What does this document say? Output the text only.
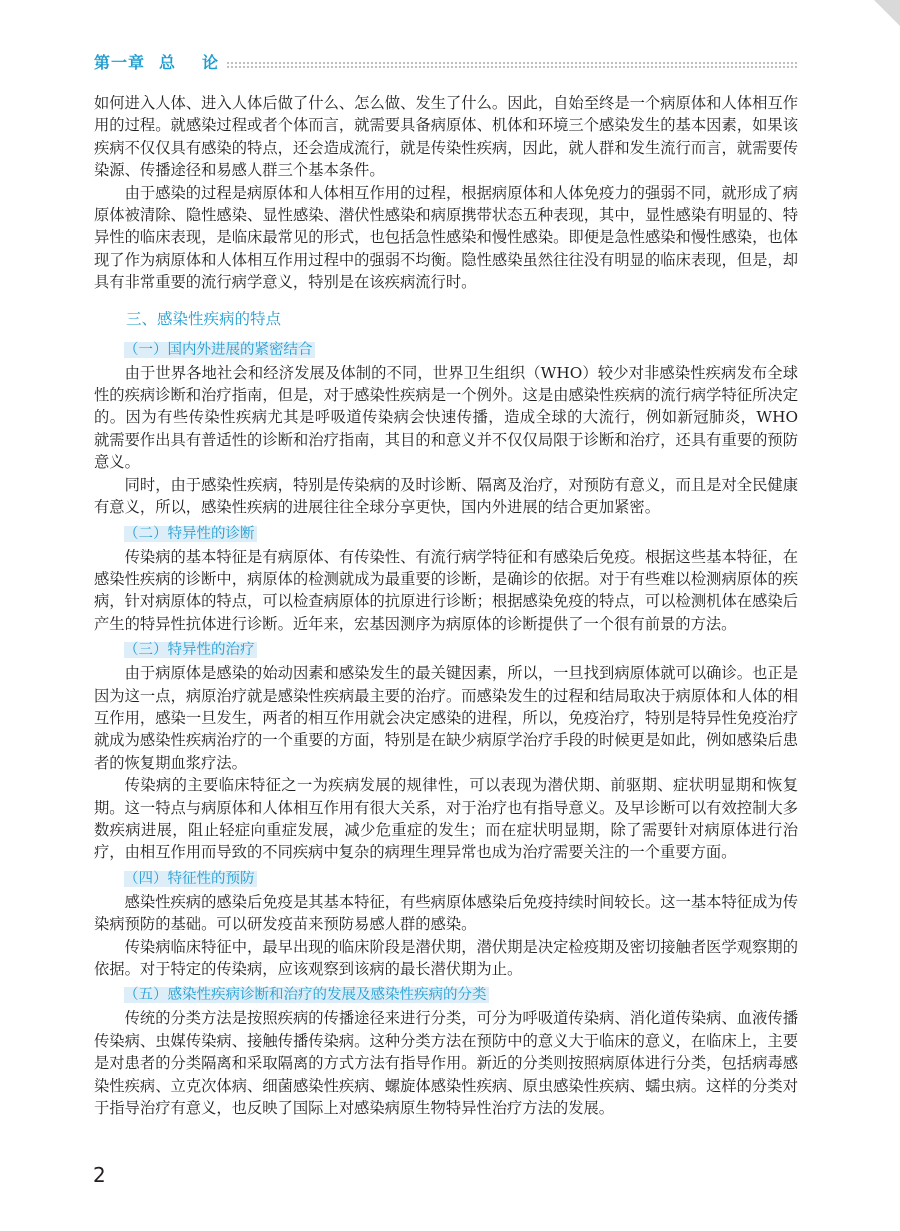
第一章 总 论

如何进入人体、进入人体后做了什么、怎么做、发生了什么。因此，自始至终是一个病原体和人体相互作用的过程。就感染过程或者个体而言，就需要具备病原体、机体和环境三个感染发生的基本因素，如果该疾病不仅仅具有感染的特点，还会造成流行，就是传染性疾病，因此，就人群和发生流行而言，就需要传染源、传播途径和易感人群三个基本条件。

由于感染的过程是病原体和人体相互作用的过程，根据病原体和人体免疫力的强弱不同，就形成了病原体被清除、隐性感染、显性感染、潜伏性感染和病原携带状态五种表现，其中，显性感染有明显的、特异性的临床表现，是临床最常见的形式，也包括急性感染和慢性感染。即便是急性感染和慢性感染，也体现了作为病原体和人体相互作用过程中的强弱不均衡。隐性感染虽然往往没有明显的临床表现，但是，却具有非常重要的流行病学意义，特别是在该疾病流行时。

三、感染性疾病的特点
（一）国内外进展的紧密结合

由于世界各地社会和经济发展及体制的不同，世界卫生组织（WHO）较少对非感染性疾病发布全球性的疾病诊断和治疗指南，但是，对于感染性疾病是一个例外。这是由感染性疾病的流行病学特征所决定的。因为有些传染性疾病尤其是呼吸道传染病会快速传播，造成全球的大流行，例如新冠肺炎，WHO 就需要作出具有普适性的诊断和治疗指南，其目的和意义并不仅仅局限于诊断和治疗，还具有重要的预防意义。

同时，由于感染性疾病，特别是传染病的及时诊断、隔离及治疗，对预防有意义，而且是对全民健康有意义，所以，感染性疾病的进展往往全球分享更快，国内外进展的结合更加紧密。

（二）特异性的诊断

传染病的基本特征是有病原体、有传染性、有流行病学特征和有感染后免疫。根据这些基本特征，在感染性疾病的诊断中，病原体的检测就成为最重要的诊断，是确诊的依据。对于有些难以检测病原体的疾病，针对病原体的特点，可以检查病原体的抗原进行诊断；根据感染免疫的特点，可以检测机体在感染后产生的特异性抗体进行诊断。近年来，宏基因测序为病原体的诊断提供了一个很有前景的方法。

（三）特异性的治疗

由于病原体是感染的始动因素和感染发生的最关键因素，所以，一旦找到病原体就可以确诊。也正是因为这一点，病原治疗就是感染性疾病最主要的治疗。而感染发生的过程和结局取决于病原体和人体的相互作用，感染一旦发生，两者的相互作用就会决定感染的进程，所以，免疫治疗，特别是特异性免疫治疗就成为感染性疾病治疗的一个重要的方面，特别是在缺少病原学治疗手段的时候更是如此，例如感染后患者的恢复期血浆疗法。

传染病的主要临床特征之一为疾病发展的规律性，可以表现为潜伏期、前驱期、症状明显期和恢复期。这一特点与病原体和人体相互作用有很大关系，对于治疗也有指导意义。及早诊断可以有效控制大多数疾病进展，阻止轻症向重症发展，减少危重症的发生；而在症状明显期，除了需要针对病原体进行治疗，由相互作用而导致的不同疾病中复杂的病理生理异常也成为治疗需要关注的一个重要方面。

（四）特征性的预防

感染性疾病的感染后免疫是其基本特征，有些病原体感染后免疫持续时间较长。这一基本特征成为传染病预防的基础。可以研发疫苗来预防易感人群的感染。

传染病临床特征中，最早出现的临床阶段是潜伏期，潜伏期是决定检疫期及密切接触者医学观察期的依据。对于特定的传染病，应该观察到该病的最长潜伏期为止。

（五）感染性疾病诊断和治疗的发展及感染性疾病的分类

传统的分类方法是按照疾病的传播途径来进行分类，可分为呼吸道传染病、消化道传染病、血液传播传染病、虫媒传染病、接触传播传染病。这种分类方法在预防中的意义大于临床的意义，在临床上，主要是对患者的分类隔离和采取隔离的方式方法有指导作用。新近的分类则按照病原体进行分类，包括病毒感染性疾病、立克次体病、细菌感染性疾病、螺旋体感染性疾病、原虫感染性疾病、蠕虫病。这样的分类对于指导治疗有意义，也反映了国际上对感染病原生物特异性治疗方法的发展。

2
